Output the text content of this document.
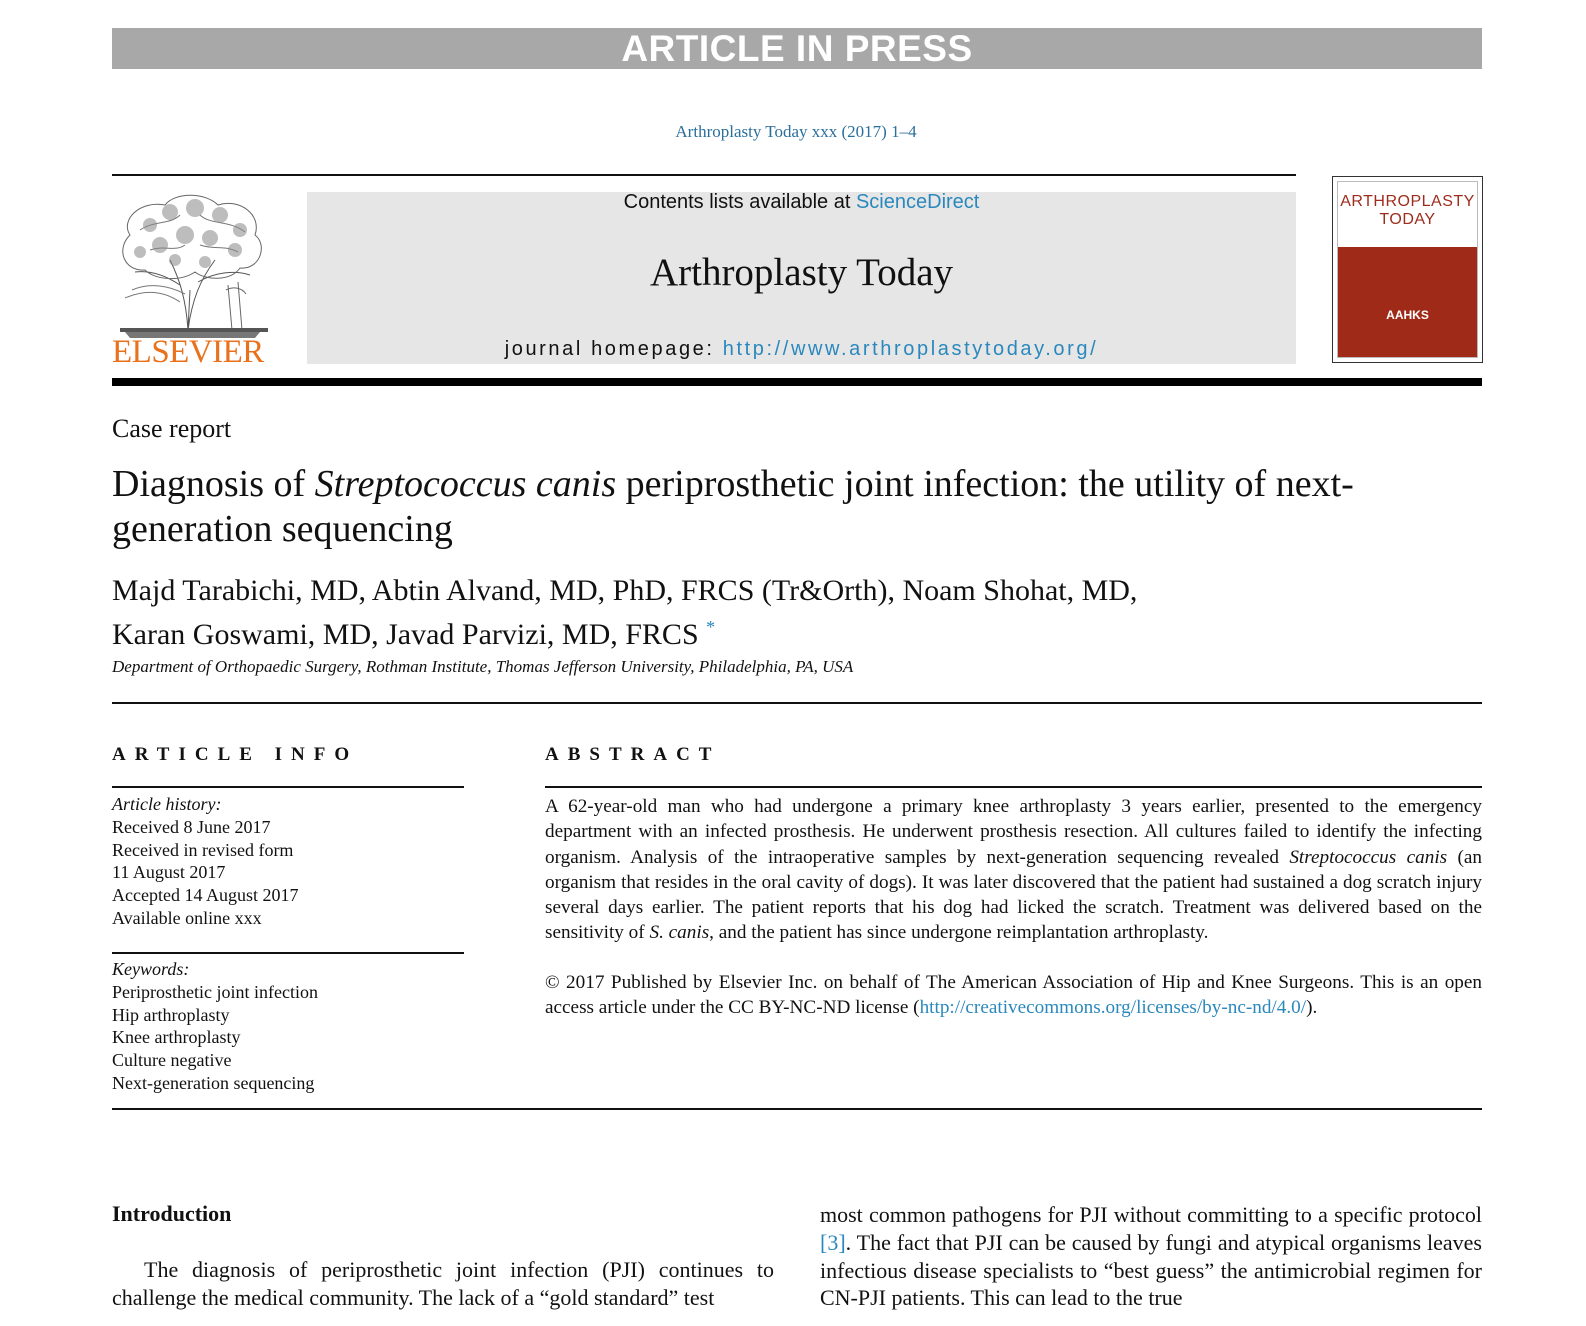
ARTICLE IN PRESS
Arthroplasty Today xxx (2017) 1–4
ELSEVIER
Contents lists available at ScienceDirect
Arthroplasty Today
journal homepage: http://www.arthroplastytoday.org/
ARTHROPLASTY
TODAY
AAHKS
Case report
Diagnosis of Streptococcus canis periprosthetic joint infection: the utility of next-generation sequencing
Majd Tarabichi, MD, Abtin Alvand, MD, PhD, FRCS (Tr&Orth), Noam Shohat, MD,
Karan Goswami, MD, Javad Parvizi, MD, FRCS *
Department of Orthopaedic Surgery, Rothman Institute, Thomas Jefferson University, Philadelphia, PA, USA
ARTICLE INFO	ABSTRACT
Article history:
Received 8 June 2017
Received in revised form
11 August 2017
Accepted 14 August 2017
Available online xxx
Keywords:
Periprosthetic joint infection
Hip arthroplasty
Knee arthroplasty
Culture negative
Next-generation sequencing
A 62-year-old man who had undergone a primary knee arthroplasty 3 years earlier, presented to the emergency department with an infected prosthesis. He underwent prosthesis resection. All cultures failed to identify the infecting organism. Analysis of the intraoperative samples by next-generation sequencing revealed Streptococcus canis (an organism that resides in the oral cavity of dogs). It was later discovered that the patient had sustained a dog scratch injury several days earlier. The patient reports that his dog had licked the scratch. Treatment was delivered based on the sensitivity of S. canis, and the patient has since undergone reimplantation arthroplasty.
© 2017 Published by Elsevier Inc. on behalf of The American Association of Hip and Knee Surgeons. This is an open access article under the CC BY-NC-ND license (http://creativecommons.org/licenses/by-nc-nd/4.0/).
Introduction
The diagnosis of periprosthetic joint infection (PJI) continues to challenge the medical community. The lack of a “gold standard” test
most common pathogens for PJI without committing to a specific protocol [3]. The fact that PJI can be caused by fungi and atypical organisms leaves infectious disease specialists to “best guess” the antimicrobial regimen for CN-PJI patients. This can lead to the true
